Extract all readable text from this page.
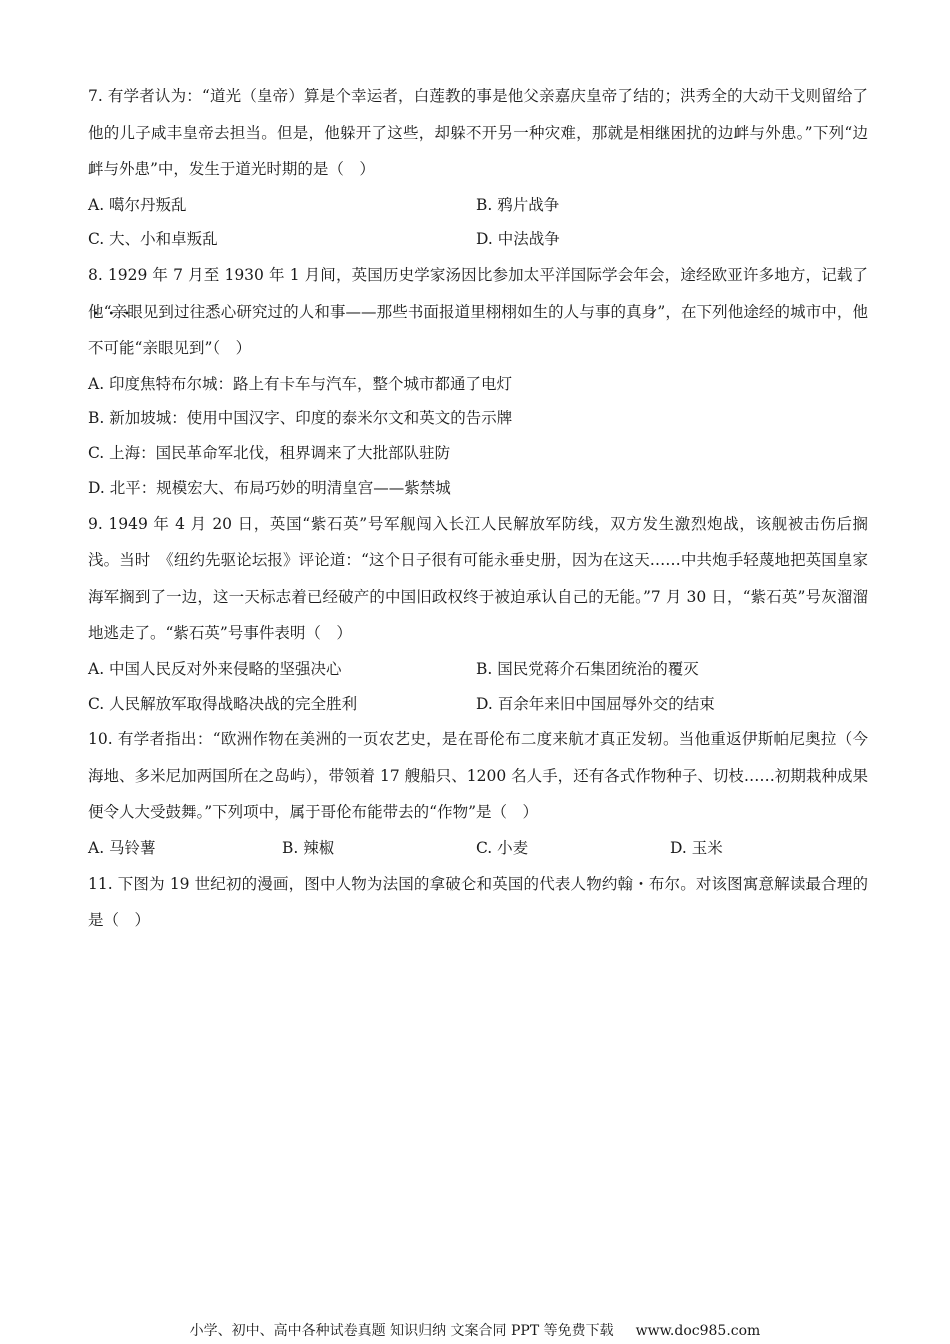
7. 有学者认为：“道光（皇帝）算是个幸运者，白莲教的事是他父亲嘉庆皇帝了结的；洪秀全的大动干戈则留给了他的儿子咸丰皇帝去担当。但是，他躲开了这些，却躲不开另一种灾难，那就是相继困扰的边衅与外患。”下列“边衅与外患”中，发生于道光时期的是（　）

A. 噶尔丹叛乱	B. 鸦片战争
C. 大、小和卓叛乱	D. 中法战争

8. 1929 年 7 月至 1930 年 1 月间，英国历史学家汤因比参加太平洋国际学会年会，途经欧亚许多地方，记载了他“亲眼见到过往悉心研究过的人和事——那些书面报道里栩栩如生的人与事的真身”，在下列他途经的城市中，他不可能“亲眼见到”（　）

A. 印度焦特布尔城：路上有卡车与汽车，整个城市都通了电灯
B. 新加坡城：使用中国汉字、印度的泰米尔文和英文的告示牌
C. 上海：国民革命军北伐，租界调来了大批部队驻防
D. 北平：规模宏大、布局巧妙的明清皇宫——紫禁城

9. 1949 年 4 月 20 日，英国“紫石英”号军舰闯入长江人民解放军防线，双方发生激烈炮战，该舰被击伤后搁浅。当时　《纽约先驱论坛报》评论道：“这个日子很有可能永垂史册，因为在这天……中共炮手轻蔑地把英国皇家海军搁到了一边，这一天标志着已经破产的中国旧政权终于被迫承认自己的无能。”7 月 30 日，“紫石英”号灰溜溜地逃走了。“紫石英”号事件表明（　）

A. 中国人民反对外来侵略的坚强决心	B. 国民党蒋介石集团统治的覆灭
C. 人民解放军取得战略决战的完全胜利	D. 百余年来旧中国屈辱外交的结束

10. 有学者指出：“欧洲作物在美洲的一页农艺史，是在哥伦布二度来航才真正发轫。当他重返伊斯帕尼奥拉（今海地、多米尼加两国所在之岛屿），带领着 17 艘船只、1200 名人手，还有各式作物种子、切枝……初期栽种成果便令人大受鼓舞。”下列项中，属于哥伦布能带去的“作物”是（　）

A. 马铃薯	B. 辣椒	C. 小麦	D. 玉米

11. 下图为 19 世纪初的漫画，图中人物为法国的拿破仑和英国的代表人物约翰・布尔。对该图寓意解读最合理的是（　）

小学、初中、高中各种试卷真题 知识归纳 文案合同 PPT 等免费下载 www.doc985.com
